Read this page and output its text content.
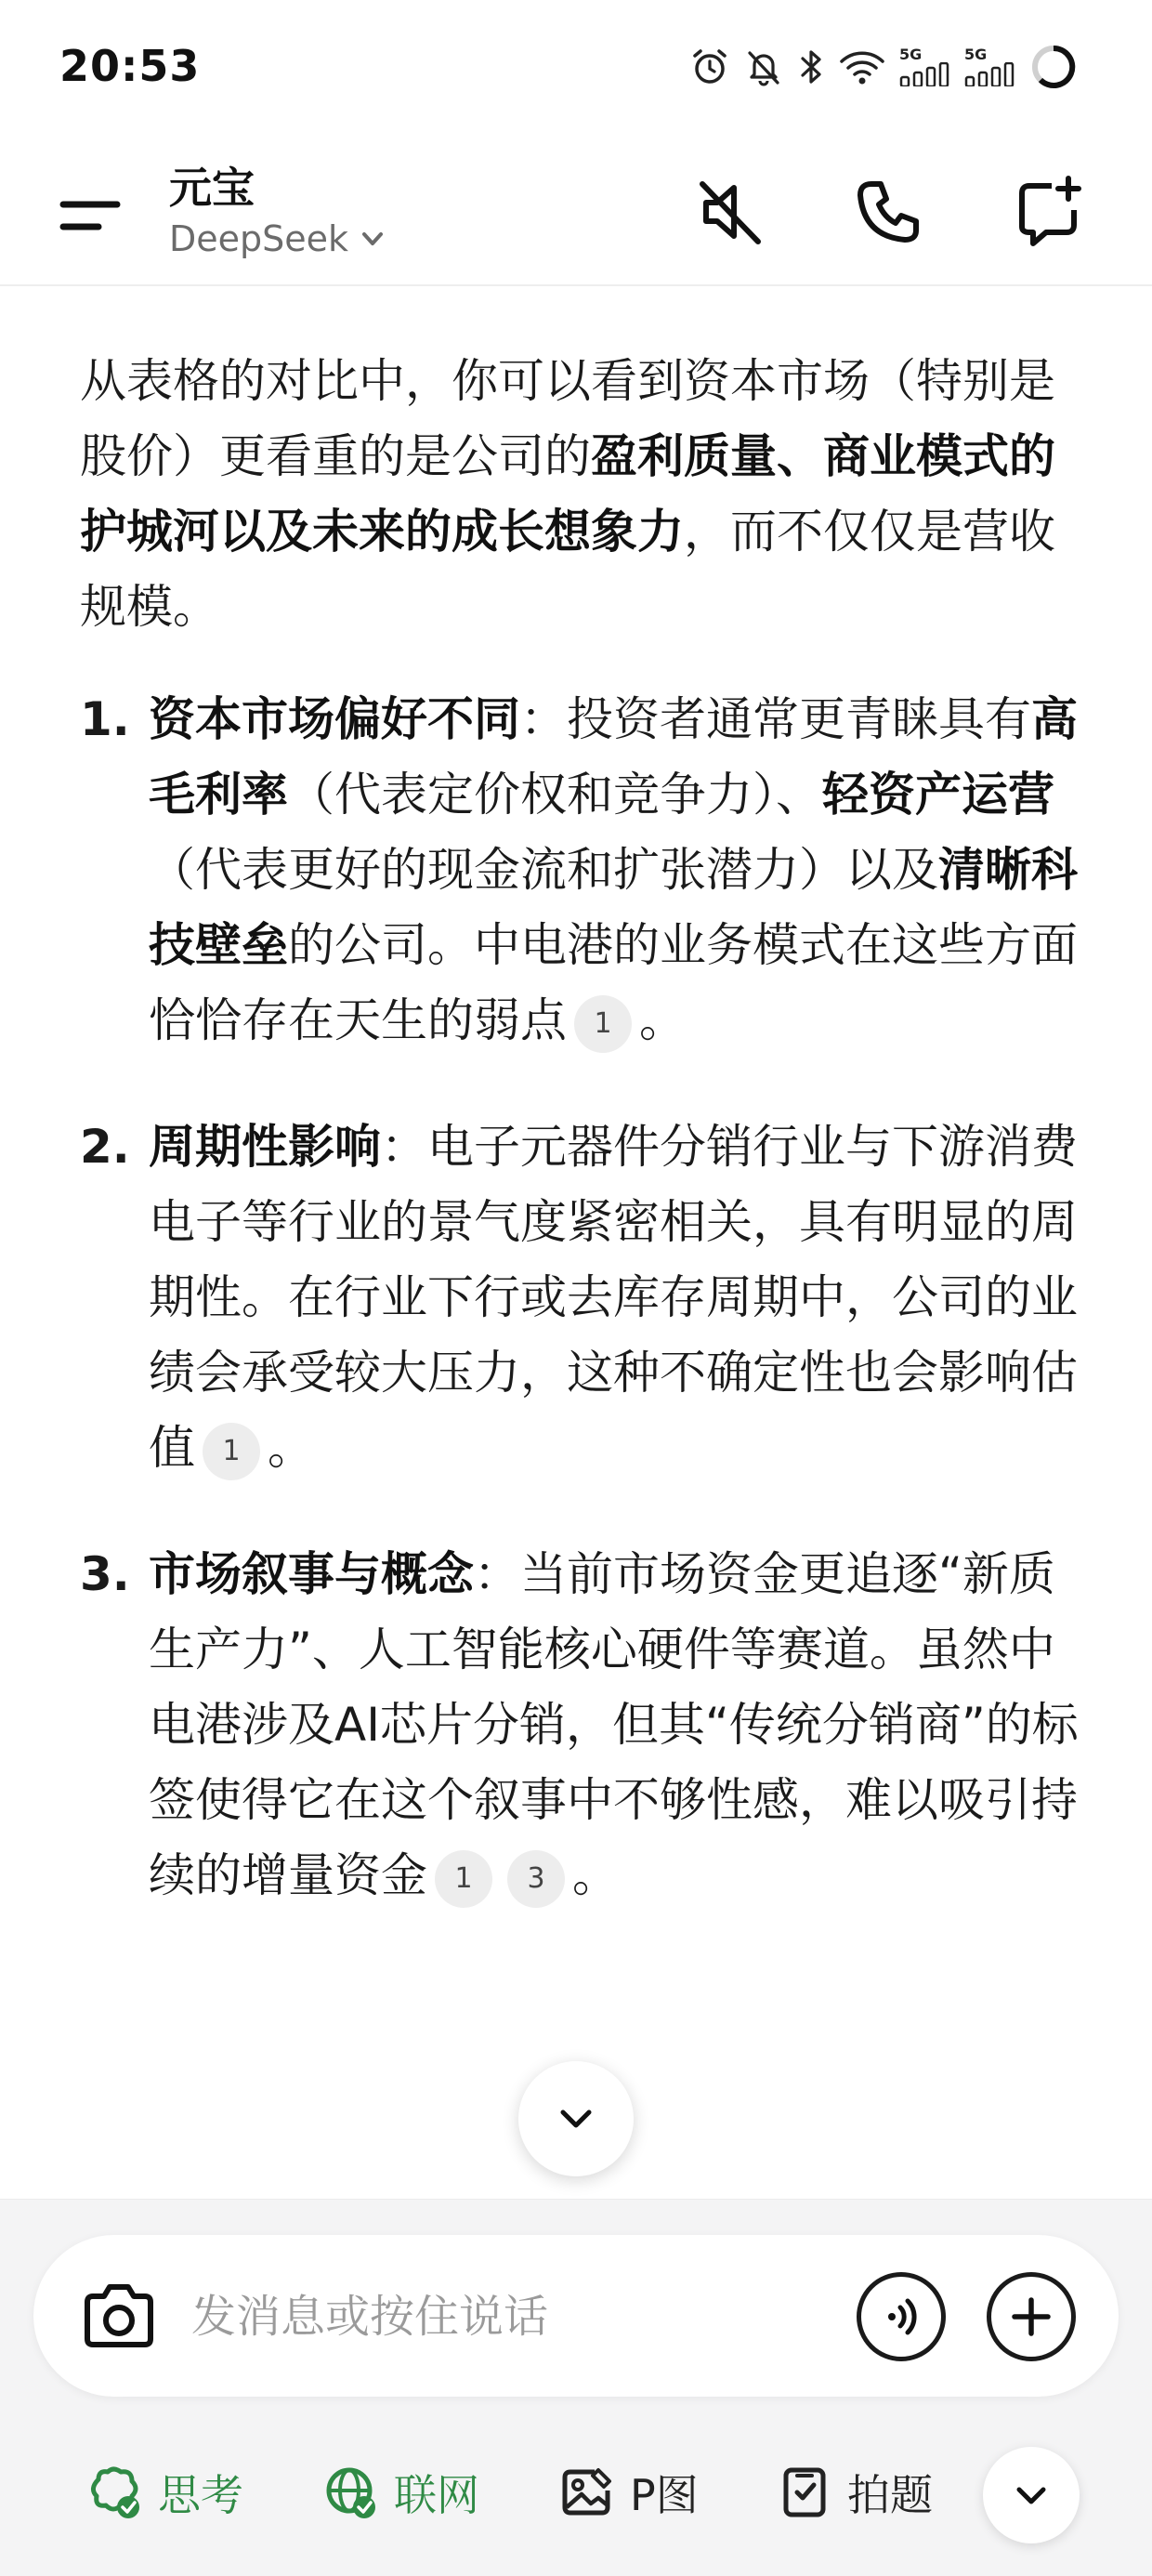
20:53	5G	5G
元宝
DeepSeek

从表格的对比中，你可以看到资本市场（特别是股价）更看重的是公司的盈利质量、商业模式的护城河以及未来的成长想象力，而不仅仅是营收规模。

1. 资本市场偏好不同：投资者通常更青睐具有高毛利率（代表定价权和竞争力）、轻资产运营（代表更好的现金流和扩张潜力）以及清晰科技壁垒的公司。中电港的业务模式在这些方面恰恰存在天生的弱点 1 。
2. 周期性影响：电子元器件分销行业与下游消费电子等行业的景气度紧密相关，具有明显的周期性。在行业下行或去库存周期中，公司的业绩会承受较大压力，这种不确定性也会影响估值 1 。
3. 市场叙事与概念：当前市场资金更追逐“新质生产力”、人工智能核心硬件等赛道。虽然中电港涉及AI芯片分销，但其“传统分销商”的标签使得它在这个叙事中不够性感，难以吸引持续的增量资金 1 3 。
发消息或按住说话
思考	联网	P图	拍题
